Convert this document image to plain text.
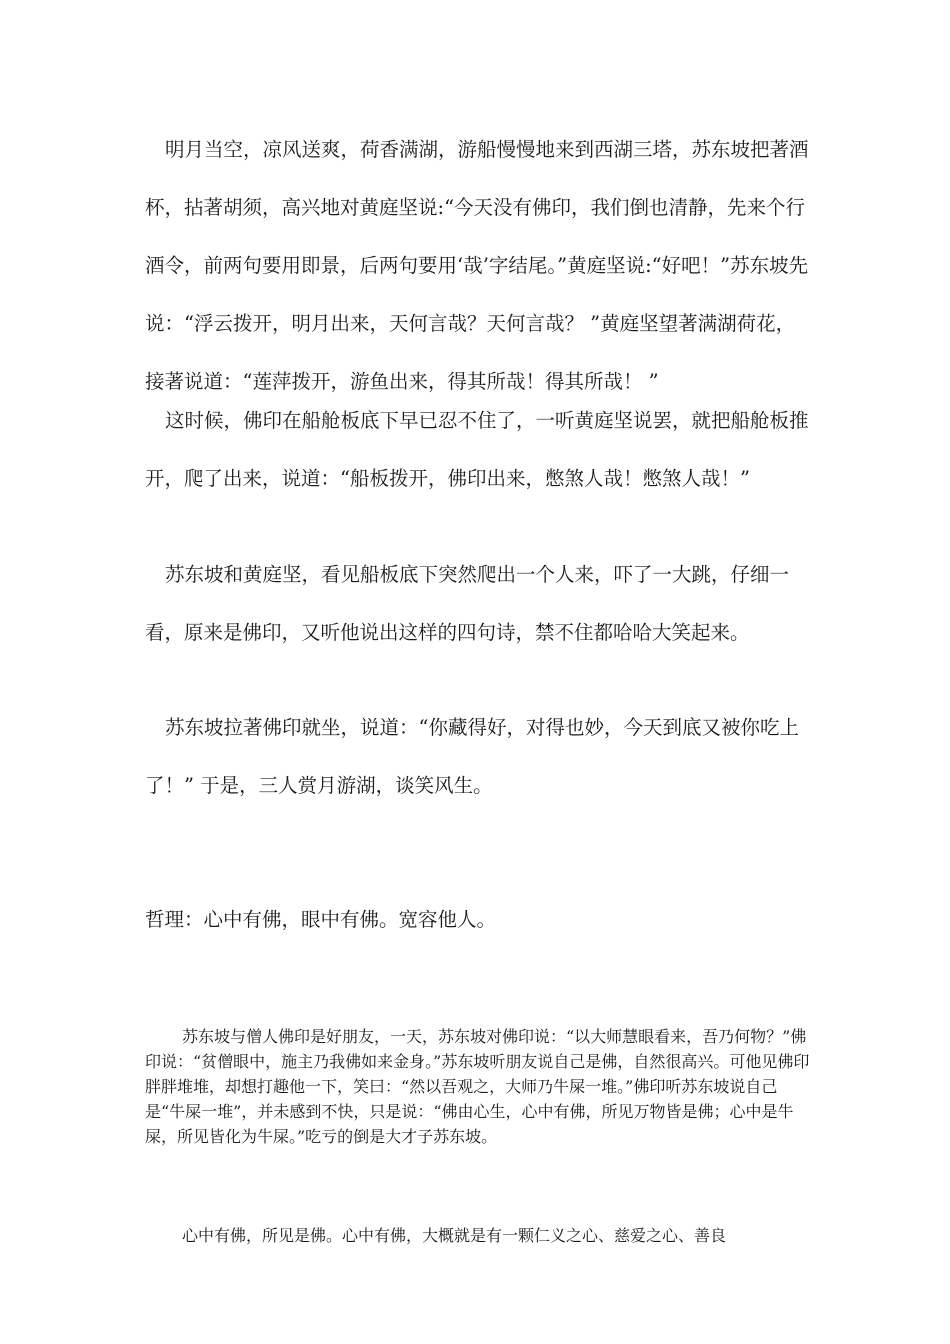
明月当空，凉风送爽，荷香满湖，游船慢慢地来到西湖三塔，苏东坡把著酒杯，拈著胡须，高兴地对黄庭坚说:“今天没有佛印，我们倒也清静，先来个行酒令，前两句要用即景，后两句要用‘哉’字结尾。”黄庭坚说:“好吧！”苏东坡先说：“浮云拨开，明月出来，天何言哉？天何言哉？ ”黄庭坚望著满湖荷花，接著说道：“莲萍拨开，游鱼出来，得其所哉！得其所哉！ ”

这时候，佛印在船舱板底下早已忍不住了，一听黄庭坚说罢，就把船舱板推开，爬了出来，说道：“船板拨开，佛印出来，憋煞人哉！憋煞人哉！”

苏东坡和黄庭坚，看见船板底下突然爬出一个人来，吓了一大跳，仔细一 看，原来是佛印，又听他说出这样的四句诗，禁不住都哈哈大笑起来。

苏东坡拉著佛印就坐，说道：“你藏得好，对得也妙，今天到底又被你吃上了！” 于是，三人赏月游湖，谈笑风生。

哲理：心中有佛，眼中有佛。宽容他人。

苏东坡与僧人佛印是好朋友，一天，苏东坡对佛印说：“以大师慧眼看来，吾乃何物？”佛印说：“贫僧眼中，施主乃我佛如来金身。”苏东坡听朋友说自己是佛，自然很高兴。可他见佛印胖胖堆堆，却想打趣他一下，笑曰：“然以吾观之，大师乃牛屎一堆。”佛印听苏东坡说自己是“牛屎一堆”，并未感到不快，只是说：“佛由心生，心中有佛，所见万物皆是佛；心中是牛屎，所见皆化为牛屎。”吃亏的倒是大才子苏东坡。

心中有佛，所见是佛。心中有佛，大概就是有一颗仁义之心、慈爱之心、善良
